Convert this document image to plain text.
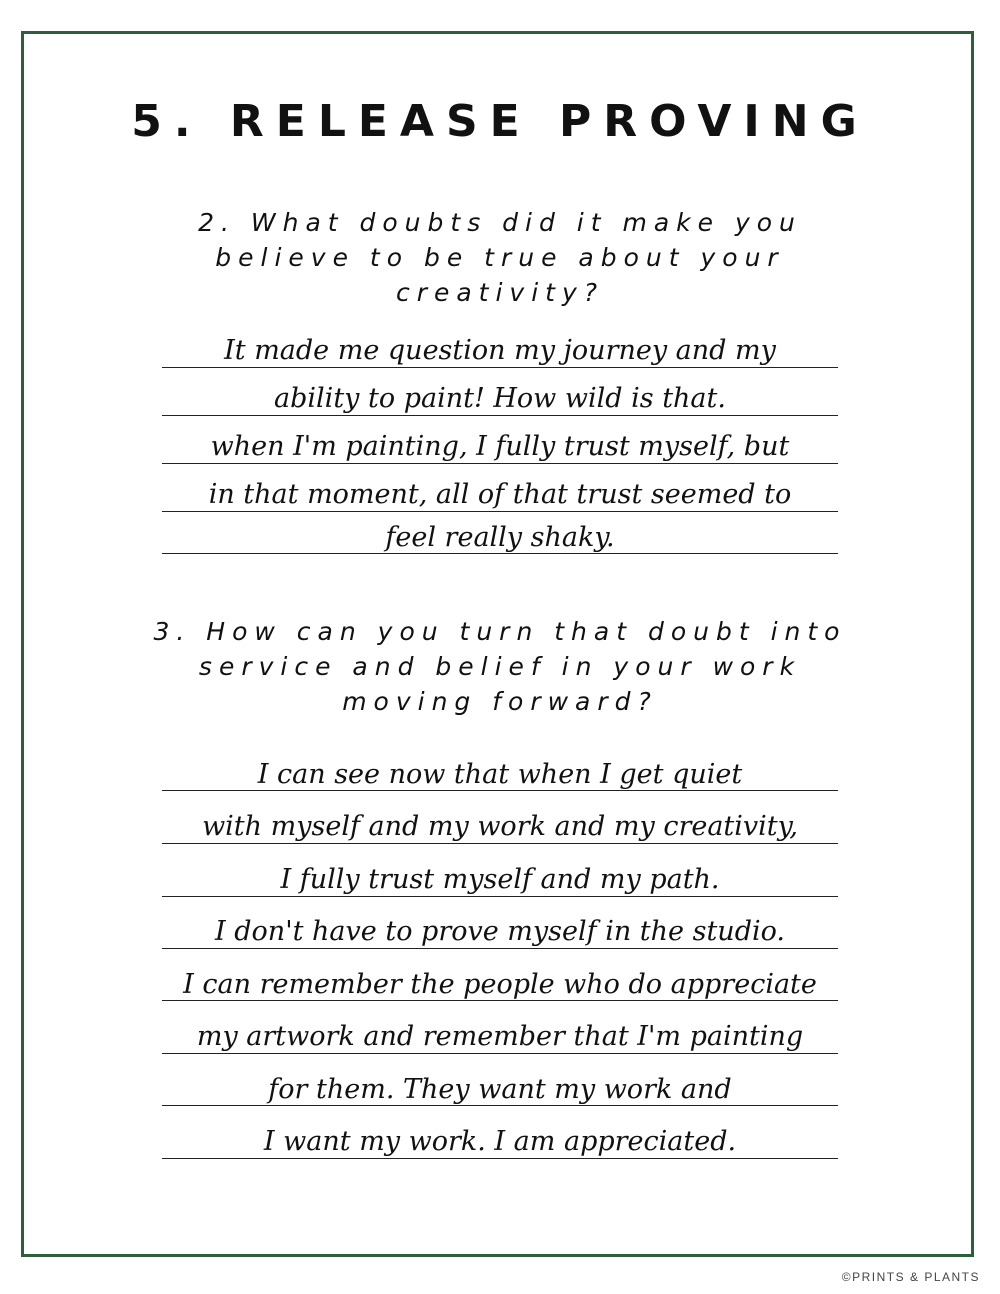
5. RELEASE PROVING
2. What doubts did it make you
believe to be true about your
creativity?
It made me question my journey and my
ability to paint! How wild is that.
when I'm painting, I fully trust myself, but
in that moment, all of that trust seemed to
feel really shaky.
3. How can you turn that doubt into
service and belief in your work
moving forward?
I can see now that when I get quiet
with myself and my work and my creativity,
I fully trust myself and my path.
I don't have to prove myself in the studio.
I can remember the people who do appreciate
my artwork and remember that I'm painting
for them. They want my work and
I want my work. I am appreciated.
©PRINTS & PLANTS
